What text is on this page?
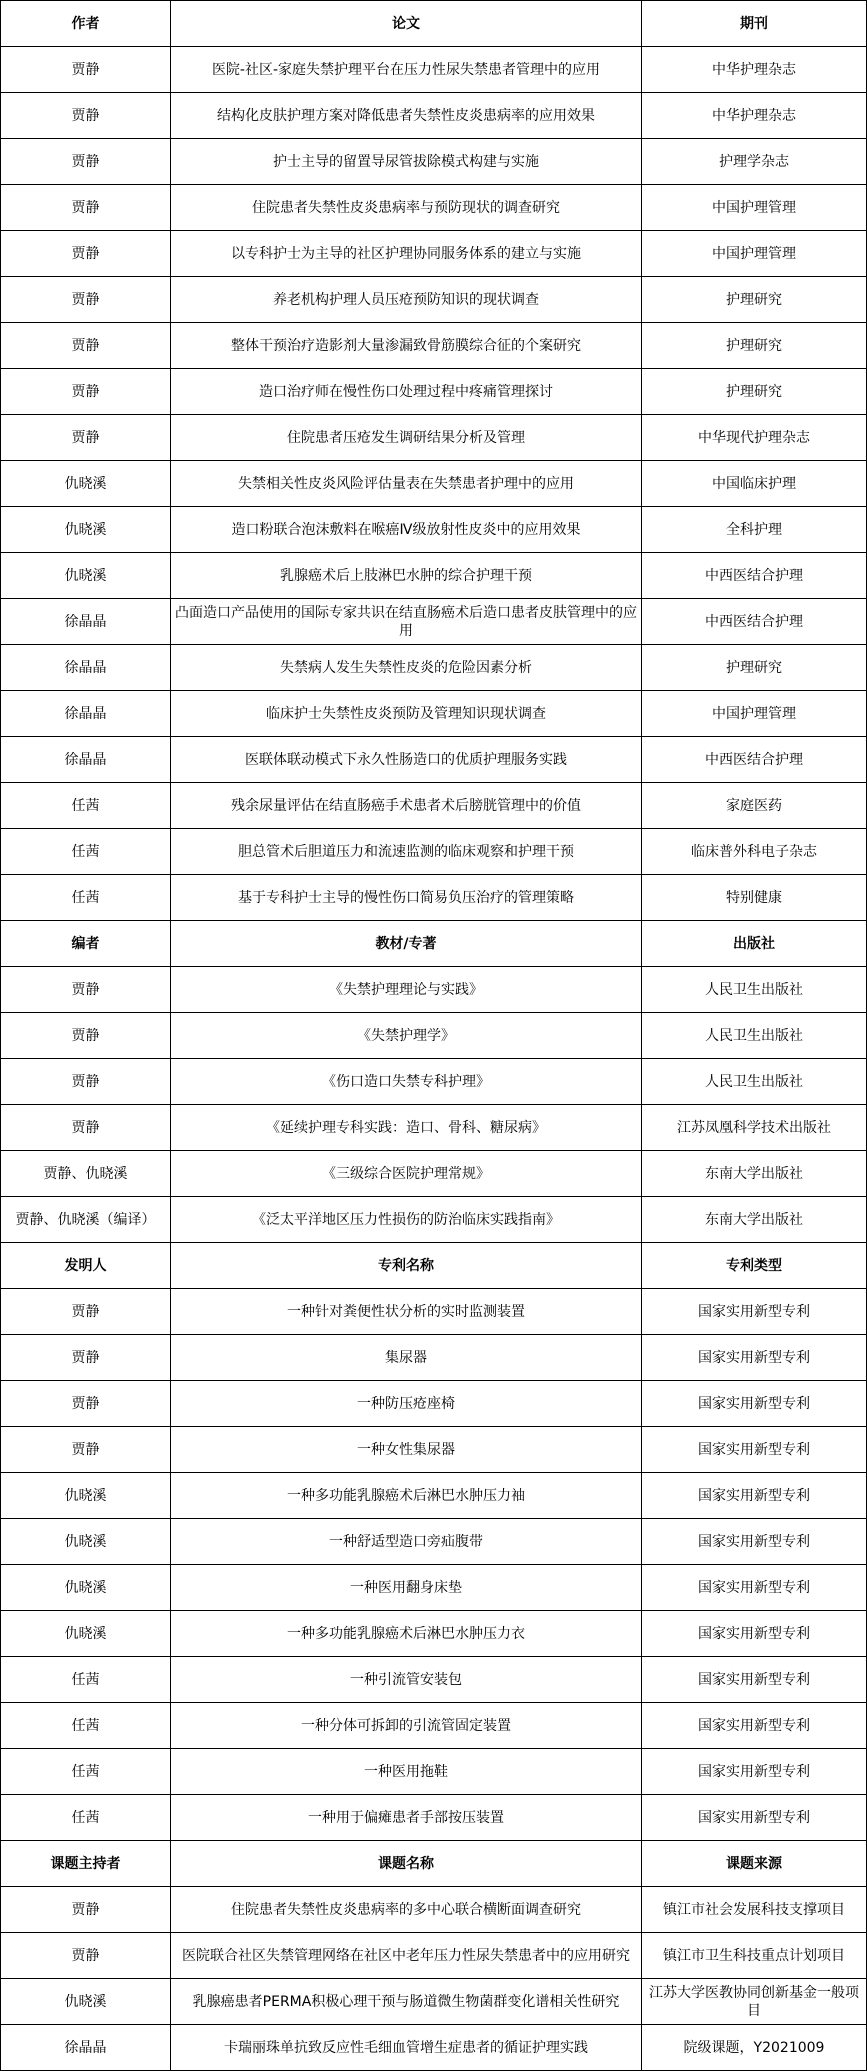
作者	论文	期刊
贾静	医院-社区-家庭失禁护理平台在压力性尿失禁患者管理中的应用	中华护理杂志
贾静	结构化皮肤护理方案对降低患者失禁性皮炎患病率的应用效果	中华护理杂志
贾静	护士主导的留置导尿管拔除模式构建与实施	护理学杂志
贾静	住院患者失禁性皮炎患病率与预防现状的调查研究	中国护理管理
贾静	以专科护士为主导的社区护理协同服务体系的建立与实施	中国护理管理
贾静	养老机构护理人员压疮预防知识的现状调查	护理研究
贾静	整体干预治疗造影剂大量渗漏致骨筋膜综合征的个案研究	护理研究
贾静	造口治疗师在慢性伤口处理过程中疼痛管理探讨	护理研究
贾静	住院患者压疮发生调研结果分析及管理	中华现代护理杂志
仇晓溪	失禁相关性皮炎风险评估量表在失禁患者护理中的应用	中国临床护理
仇晓溪	造口粉联合泡沫敷料在喉癌Ⅳ级放射性皮炎中的应用效果	全科护理
仇晓溪	乳腺癌术后上肢淋巴水肿的综合护理干预	中西医结合护理
徐晶晶	凸面造口产品使用的国际专家共识在结直肠癌术后造口患者皮肤管理中的应用	中西医结合护理
徐晶晶	失禁病人发生失禁性皮炎的危险因素分析	护理研究
徐晶晶	临床护士失禁性皮炎预防及管理知识现状调查	中国护理管理
徐晶晶	医联体联动模式下永久性肠造口的优质护理服务实践	中西医结合护理
任茜	残余尿量评估在结直肠癌手术患者术后膀胱管理中的价值	家庭医药
任茜	胆总管术后胆道压力和流速监测的临床观察和护理干预	临床普外科电子杂志
任茜	基于专科护士主导的慢性伤口简易负压治疗的管理策略	特别健康
编者	教材/专著	出版社
贾静	《失禁护理理论与实践》	人民卫生出版社
贾静	《失禁护理学》	人民卫生出版社
贾静	《伤口造口失禁专科护理》	人民卫生出版社
贾静	《延续护理专科实践：造口、骨科、糖尿病》	江苏凤凰科学技术出版社
贾静、仇晓溪	《三级综合医院护理常规》	东南大学出版社
贾静、仇晓溪（编译）	《泛太平洋地区压力性损伤的防治临床实践指南》	东南大学出版社
发明人	专利名称	专利类型
贾静	一种针对粪便性状分析的实时监测装置	国家实用新型专利
贾静	集尿器	国家实用新型专利
贾静	一种防压疮座椅	国家实用新型专利
贾静	一种女性集尿器	国家实用新型专利
仇晓溪	一种多功能乳腺癌术后淋巴水肿压力袖	国家实用新型专利
仇晓溪	一种舒适型造口旁疝腹带	国家实用新型专利
仇晓溪	一种医用翻身床垫	国家实用新型专利
仇晓溪	一种多功能乳腺癌术后淋巴水肿压力衣	国家实用新型专利
任茜	一种引流管安装包	国家实用新型专利
任茜	一种分体可拆卸的引流管固定装置	国家实用新型专利
任茜	一种医用拖鞋	国家实用新型专利
任茜	一种用于偏瘫患者手部按压装置	国家实用新型专利
课题主持者	课题名称	课题来源
贾静	住院患者失禁性皮炎患病率的多中心联合横断面调查研究	镇江市社会发展科技支撑项目
贾静	医院联合社区失禁管理网络在社区中老年压力性尿失禁患者中的应用研究	镇江市卫生科技重点计划项目
仇晓溪	乳腺癌患者PERMA积极心理干预与肠道微生物菌群变化谱相关性研究	江苏大学医教协同创新基金一般项目
徐晶晶	卡瑞丽珠单抗致反应性毛细血管增生症患者的循证护理实践	院级课题，Y2021009
